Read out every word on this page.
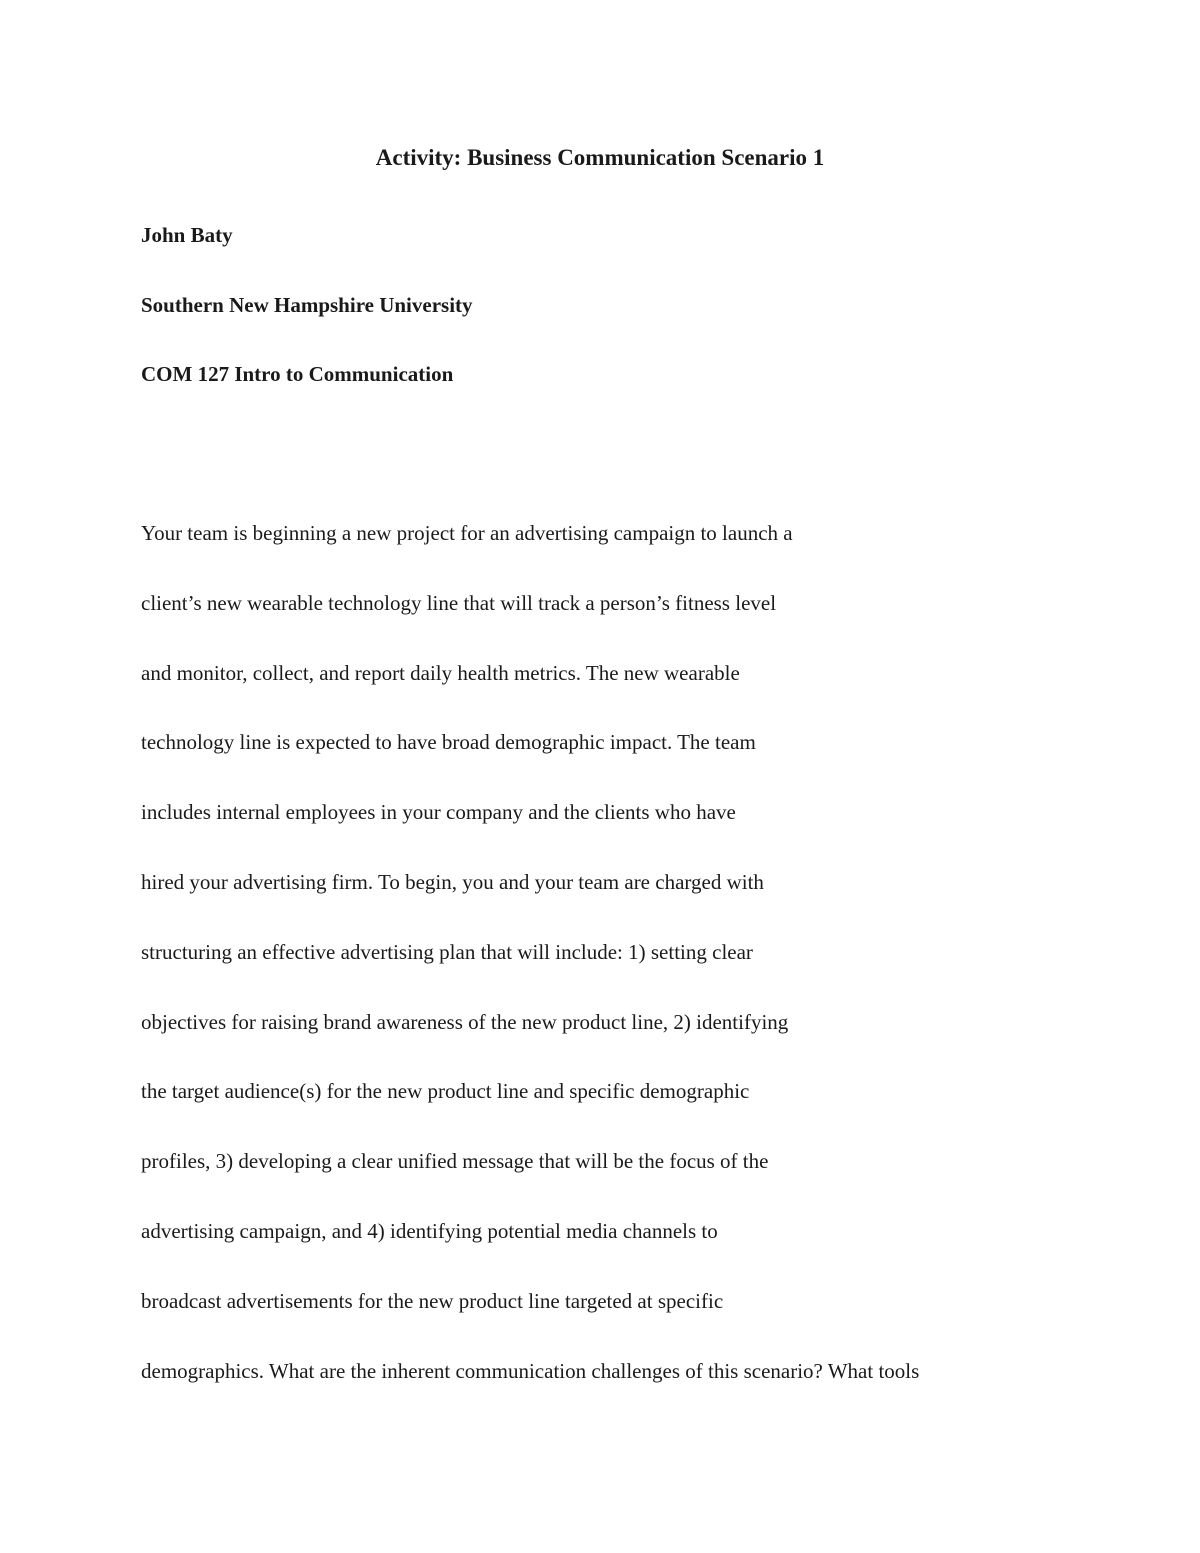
Activity: Business Communication Scenario 1
John Baty
Southern New Hampshire University
COM 127 Intro to Communication
Your team is beginning a new project for an advertising campaign to launch a
client’s new wearable technology line that will track a person’s fitness level
and monitor, collect, and report daily health metrics. The new wearable
technology line is expected to have broad demographic impact. The team
includes internal employees in your company and the clients who have
hired your advertising firm. To begin, you and your team are charged with
structuring an effective advertising plan that will include: 1) setting clear
objectives for raising brand awareness of the new product line, 2) identifying
the target audience(s) for the new product line and specific demographic
profiles, 3) developing a clear unified message that will be the focus of the
advertising campaign, and 4) identifying potential media channels to
broadcast advertisements for the new product line targeted at specific
demographics. What are the inherent communication challenges of this scenario? What tools
